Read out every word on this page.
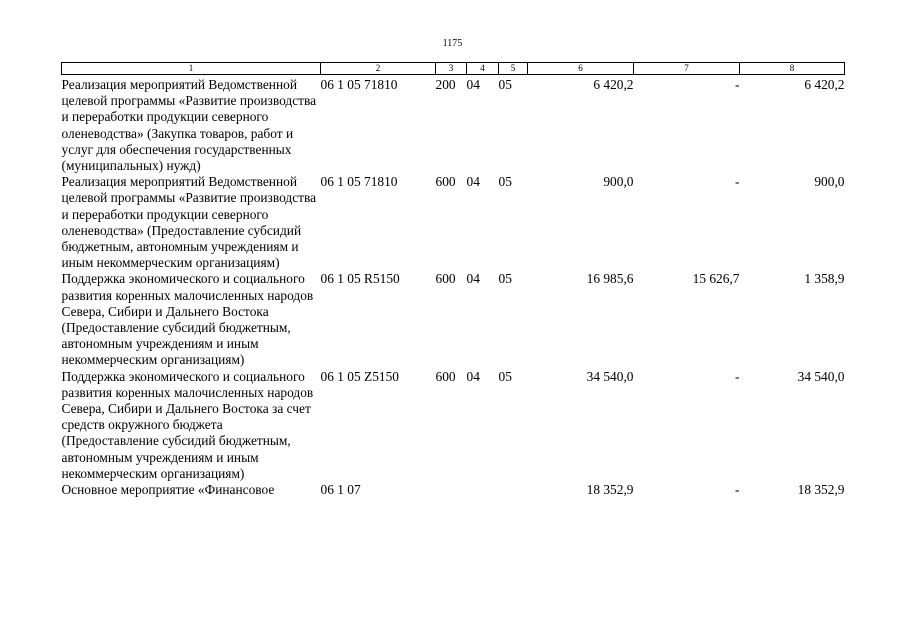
1175
1	2	3	4	5	6	7	8
Реализация мероприятий Ведомственной целевой программы «Развитие производства и переработки продукции северного оленеводства» (Закупка товаров, работ и услуг для обеспечения государственных (муниципальных) нужд)	06 1 05 71810	200	04	05	6 420,2	-	6 420,2
Реализация мероприятий Ведомственной целевой программы «Развитие производства и переработки продукции северного оленеводства» (Предоставление субсидий бюджетным, автономным учреждениям и иным некоммерческим организациям)	06 1 05 71810	600	04	05	900,0	-	900,0
Поддержка экономического и социального развития коренных малочисленных народов Севера, Сибири и Дальнего Востока (Предоставление субсидий бюджетным, автономным учреждениям и иным некоммерческим организациям)	06 1 05 R5150	600	04	05	16 985,6	15 626,7	1 358,9
Поддержка экономического и социального развития коренных малочисленных народов Севера, Сибири и Дальнего Востока за счет средств окружного бюджета (Предоставление субсидий бюджетным, автономным учреждениям и иным некоммерческим организациям)	06 1 05 Z5150	600	04	05	34 540,0	-	34 540,0
Основное мероприятие «Финансовое	06 1 07				18 352,9	-	18 352,9
